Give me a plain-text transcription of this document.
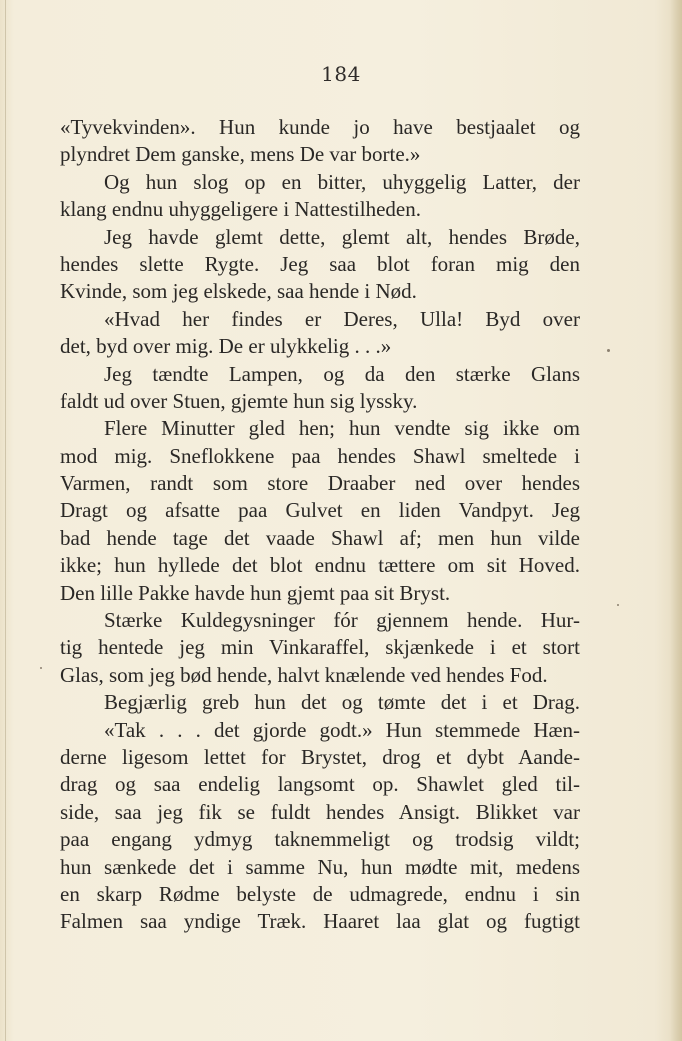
184
«Tyvekvinden». Hun kunde jo have bestjaalet og
plyndret Dem ganske, mens De var borte.»
Og hun slog op en bitter, uhyggelig Latter, der
klang endnu uhyggeligere i Nattestilheden.
Jeg havde glemt dette, glemt alt, hendes Brøde,
hendes slette Rygte. Jeg saa blot foran mig den
Kvinde, som jeg elskede, saa hende i Nød.
«Hvad her findes er Deres, Ulla! Byd over
det, byd over mig. De er ulykkelig . . .»
Jeg tændte Lampen, og da den stærke Glans
faldt ud over Stuen, gjemte hun sig lyssky.
Flere Minutter gled hen; hun vendte sig ikke om
mod mig. Sneflokkene paa hendes Shawl smeltede i
Varmen, randt som store Draaber ned over hendes
Dragt og afsatte paa Gulvet en liden Vandpyt. Jeg
bad hende tage det vaade Shawl af; men hun vilde
ikke; hun hyllede det blot endnu tættere om sit Hoved.
Den lille Pakke havde hun gjemt paa sit Bryst.
Stærke Kuldegysninger fór gjennem hende. Hur-
tig hentede jeg min Vinkaraffel, skjænkede i et stort
Glas, som jeg bød hende, halvt knælende ved hendes Fod.
Begjærlig greb hun det og tømte det i et Drag.
«Tak . . . det gjorde godt.» Hun stemmede Hæn-
derne ligesom lettet for Brystet, drog et dybt Aande-
drag og saa endelig langsomt op. Shawlet gled til-
side, saa jeg fik se fuldt hendes Ansigt. Blikket var
paa engang ydmyg taknemmeligt og trodsig vildt;
hun sænkede det i samme Nu, hun mødte mit, medens
en skarp Rødme belyste de udmagrede, endnu i sin
Falmen saa yndige Træk. Haaret laa glat og fugtigt
